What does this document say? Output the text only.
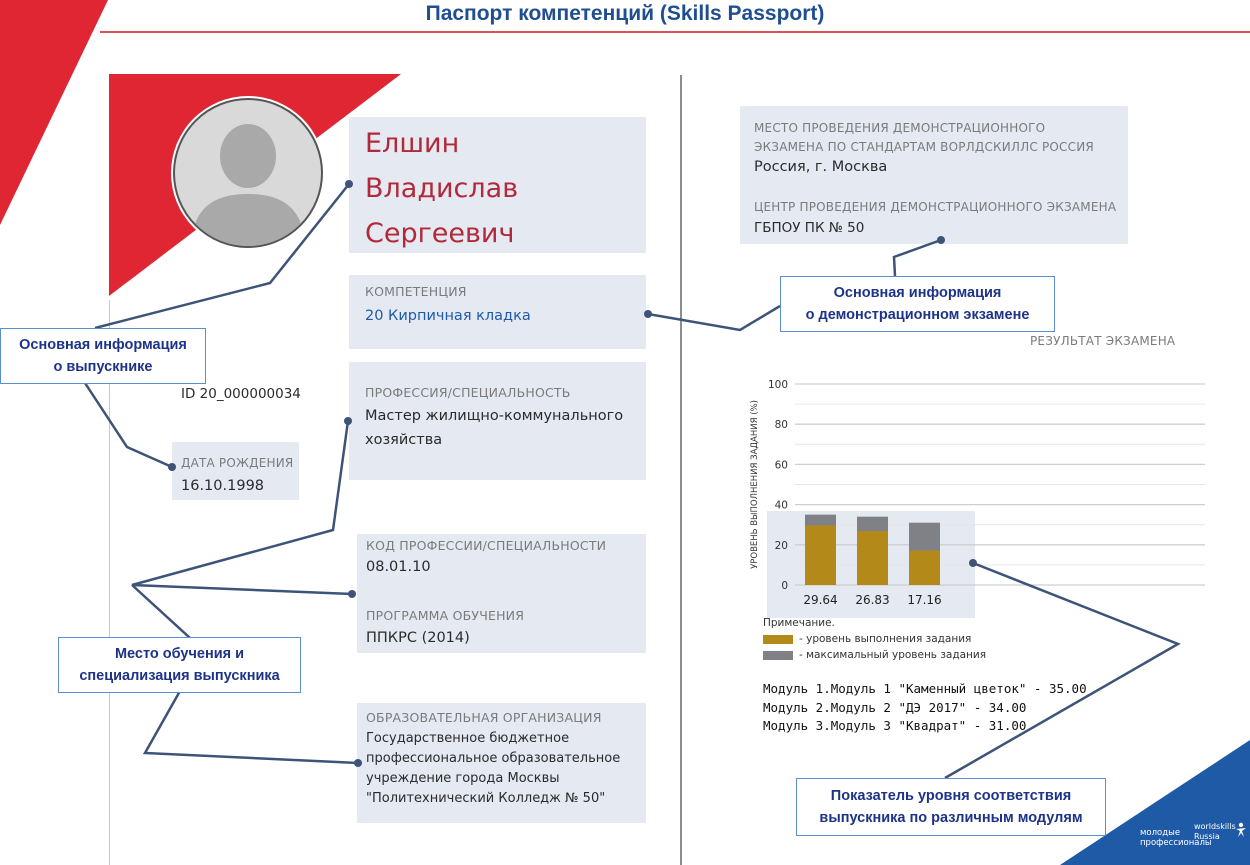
Паспорт компетенций (Skills Passport)
Елшин
Владислав
Сергеевич
КОМПЕТЕНЦИЯ
20 Кирпичная кладка
ПРОФЕССИЯ/СПЕЦИАЛЬНОСТЬ
Мастер жилищно-коммунального
хозяйства
ID 20_000000034
ДАТА РОЖДЕНИЯ
16.10.1998
КОД ПРОФЕССИИ/СПЕЦИАЛЬНОСТИ
08.01.10
ПРОГРАММА ОБУЧЕНИЯ
ППКРС (2014)
ОБРАЗОВАТЕЛЬНАЯ ОРГАНИЗАЦИЯ
Государственное бюджетное
профессиональное образовательное
учреждение города Москвы
"Политехнический Колледж № 50"
МЕСТО ПРОВЕДЕНИЯ ДЕМОНСТРАЦИОННОГО
ЭКЗАМЕНА ПО СТАНДАРТАМ ВОРЛДСКИЛЛС РОССИЯ
Россия, г. Москва
ЦЕНТР ПРОВЕДЕНИЯ ДЕМОНСТРАЦИОННОГО ЭКЗАМЕНА
ГБПОУ ПК № 50
РЕЗУЛЬТАТ ЭКЗАМЕНА
0
20
40
60
80
100
УРОВЕНЬ ВЫПОЛНЕНИЯ ЗАДАНИЯ (%)
29.64 26.83 17.16
Примечание.
- уровень выполнения задания
- максимальный уровень задания
Модуль 1.Модуль 1 "Каменный цветок" - 35.00
Модуль 2.Модуль 2 "ДЭ 2017" - 34.00
Модуль 3.Модуль 3 "Квадрат" - 31.00
молодые
профессионалы
worldskills
Russia
Основная информация
о выпускнике
Основная информация
о демонстрационном экзамене
Место обучения и
специализация выпускника
Показатель уровня соответствия
выпускника по различным модулям
